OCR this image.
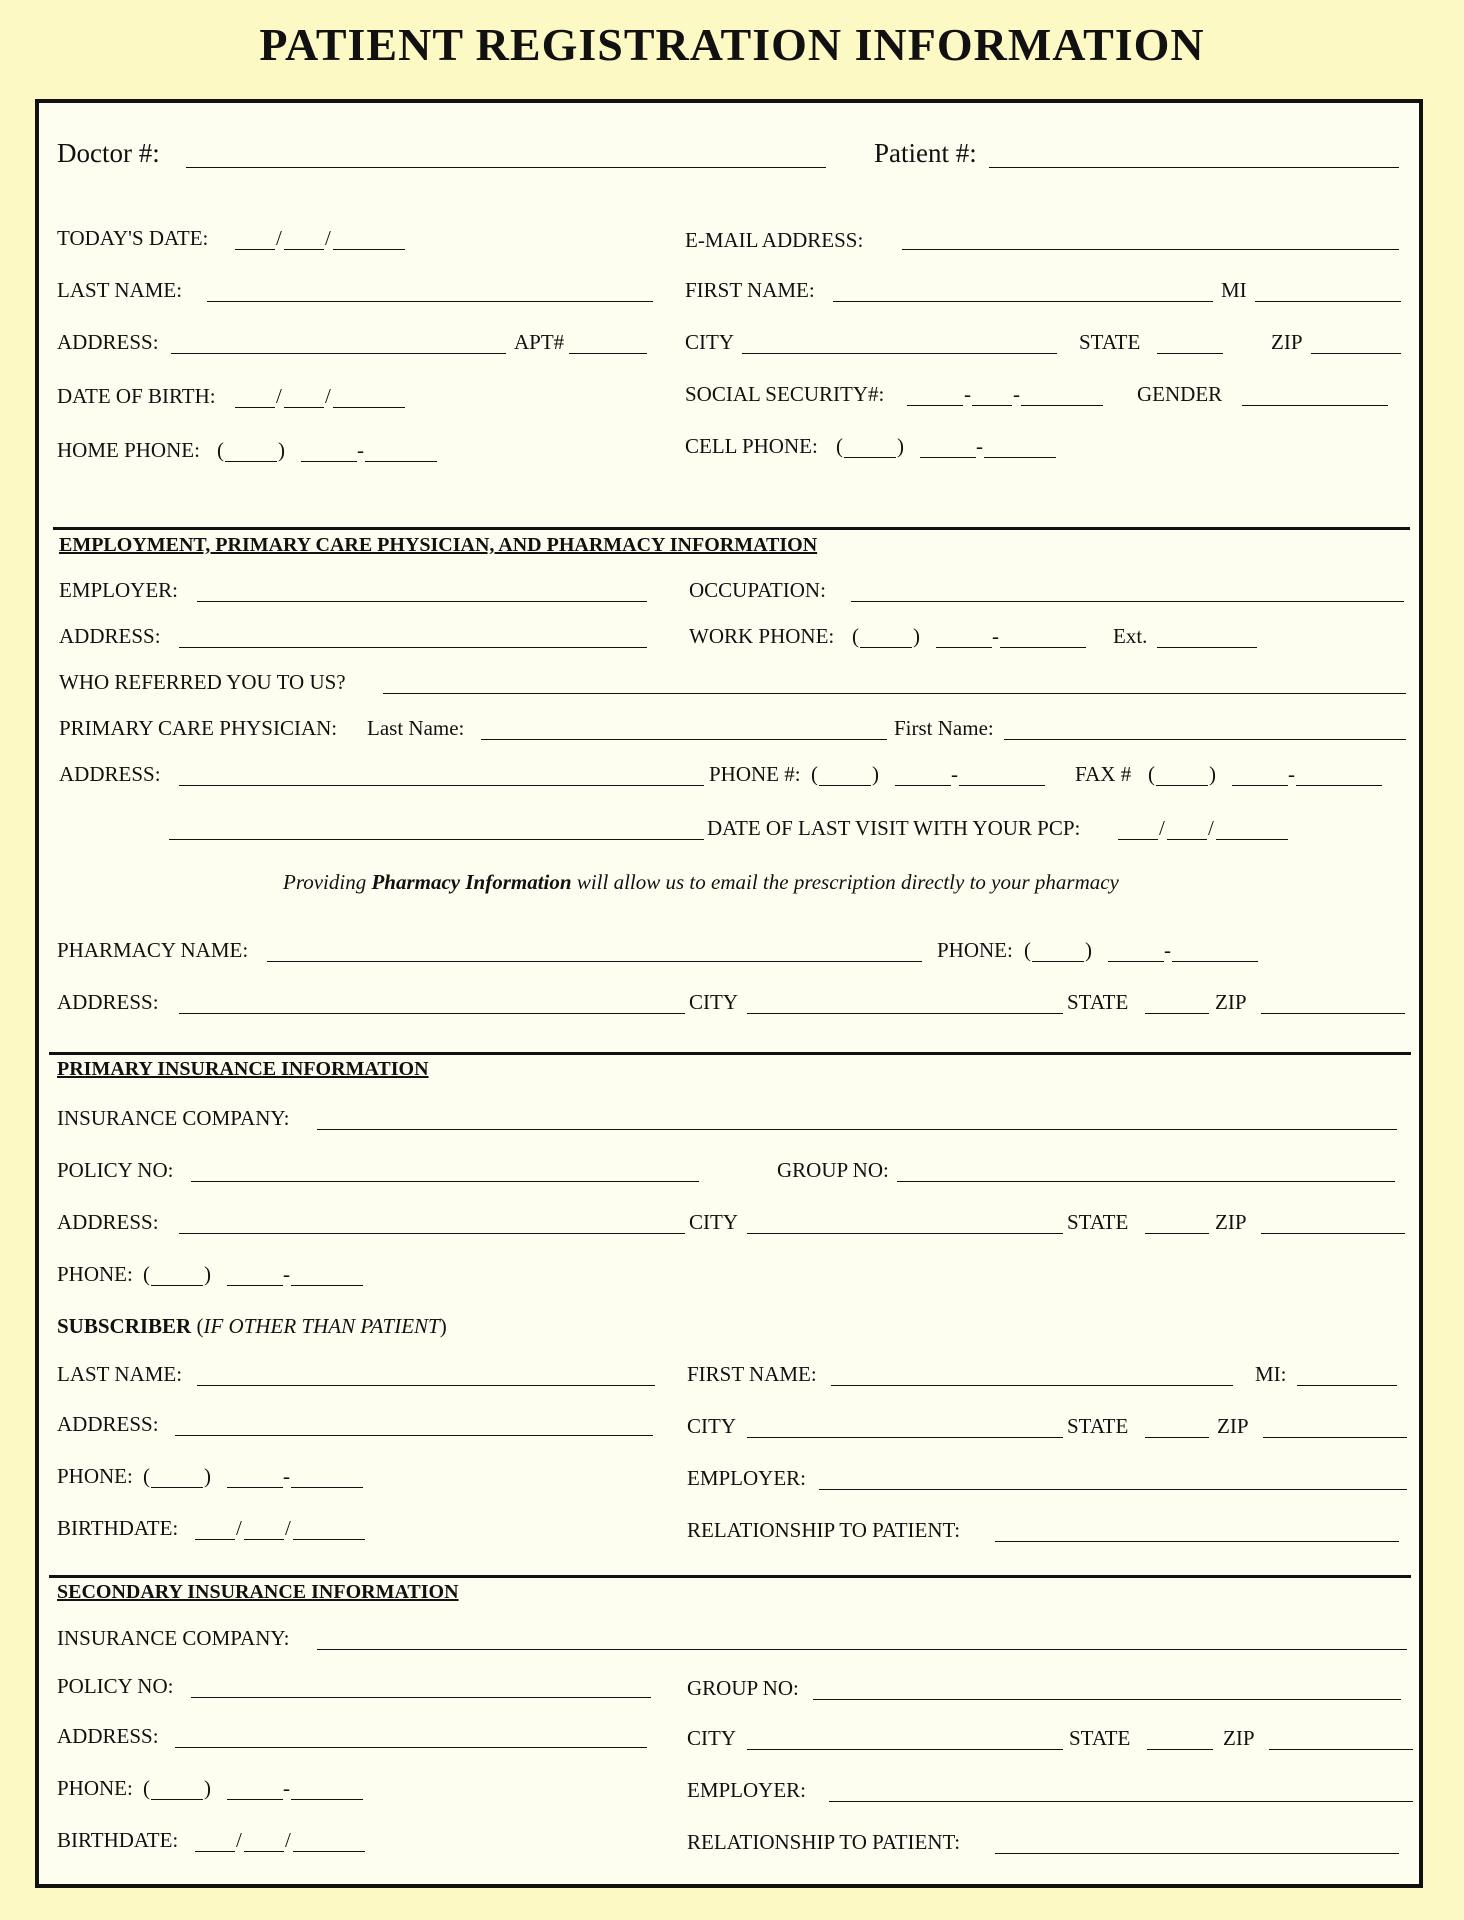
PATIENT REGISTRATION INFORMATION
Doctor #:	Patient #:
TODAY'S DATE:	/ /	E-MAIL ADDRESS:
LAST NAME:	FIRST NAME:	MI
ADDRESS:	APT#	CITY	STATE	ZIP
DATE OF BIRTH:	/ /	SOCIAL SECURITY#:	- -	GENDER
HOME PHONE: (	)	-	CELL PHONE: (	)	-
EMPLOYMENT, PRIMARY CARE PHYSICIAN, AND PHARMACY INFORMATION
EMPLOYER:	OCCUPATION:
ADDRESS:	WORK PHONE: (	)	-	Ext.
WHO REFERRED YOU TO US?
PRIMARY CARE PHYSICIAN: Last Name:	First Name:
ADDRESS:	PHONE #: (	)	-	FAX # (	)	-
DATE OF LAST VISIT WITH YOUR PCP:	/ /
Providing Pharmacy Information will allow us to email the prescription directly to your pharmacy
PHARMACY NAME:	PHONE: (	)	-
ADDRESS:	CITY	STATE	ZIP
PRIMARY INSURANCE INFORMATION
INSURANCE COMPANY:
POLICY NO:	GROUP NO:
ADDRESS:	CITY	STATE	ZIP
PHONE: (	)	-
SUBSCRIBER (IF OTHER THAN PATIENT)
LAST NAME:	FIRST NAME:	MI:
ADDRESS:	CITY	STATE	ZIP
PHONE: (	)	-	EMPLOYER:
BIRTHDATE:	/ /	RELATIONSHIP TO PATIENT:
SECONDARY INSURANCE INFORMATION
INSURANCE COMPANY:
POLICY NO:	GROUP NO:
ADDRESS:	CITY	STATE	ZIP
PHONE: (	)	-	EMPLOYER:
BIRTHDATE:	/ /	RELATIONSHIP TO PATIENT:
